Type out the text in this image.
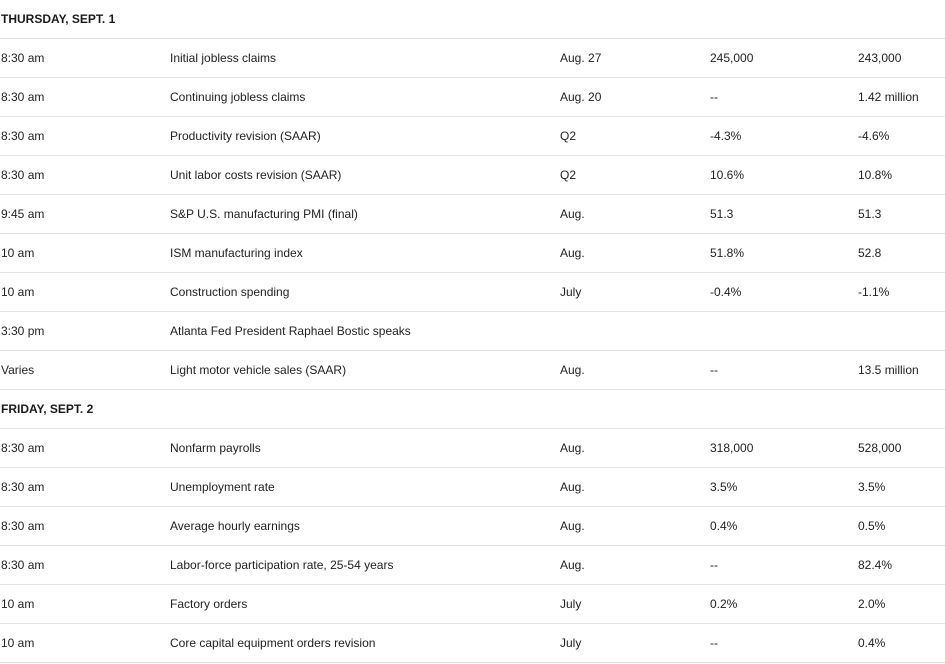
THURSDAY, SEPT. 1
8:30 am	Initial jobless claims	Aug. 27	245,000	243,000
8:30 am	Continuing jobless claims	Aug. 20	--	1.42 million
8:30 am	Productivity revision (SAAR)	Q2	-4.3%	-4.6%
8:30 am	Unit labor costs revision (SAAR)	Q2	10.6%	10.8%
9:45 am	S&P U.S. manufacturing PMI (final)	Aug.	51.3	51.3
10 am	ISM manufacturing index	Aug.	51.8%	52.8
10 am	Construction spending	July	-0.4%	-1.1%
3:30 pm	Atlanta Fed President Raphael Bostic speaks
Varies	Light motor vehicle sales (SAAR)	Aug.	--	13.5 million
FRIDAY, SEPT. 2
8:30 am	Nonfarm payrolls	Aug.	318,000	528,000
8:30 am	Unemployment rate	Aug.	3.5%	3.5%
8:30 am	Average hourly earnings	Aug.	0.4%	0.5%
8:30 am	Labor-force participation rate, 25-54 years	Aug.	--	82.4%
10 am	Factory orders	July	0.2%	2.0%
10 am	Core capital equipment orders revision	July	--	0.4%
